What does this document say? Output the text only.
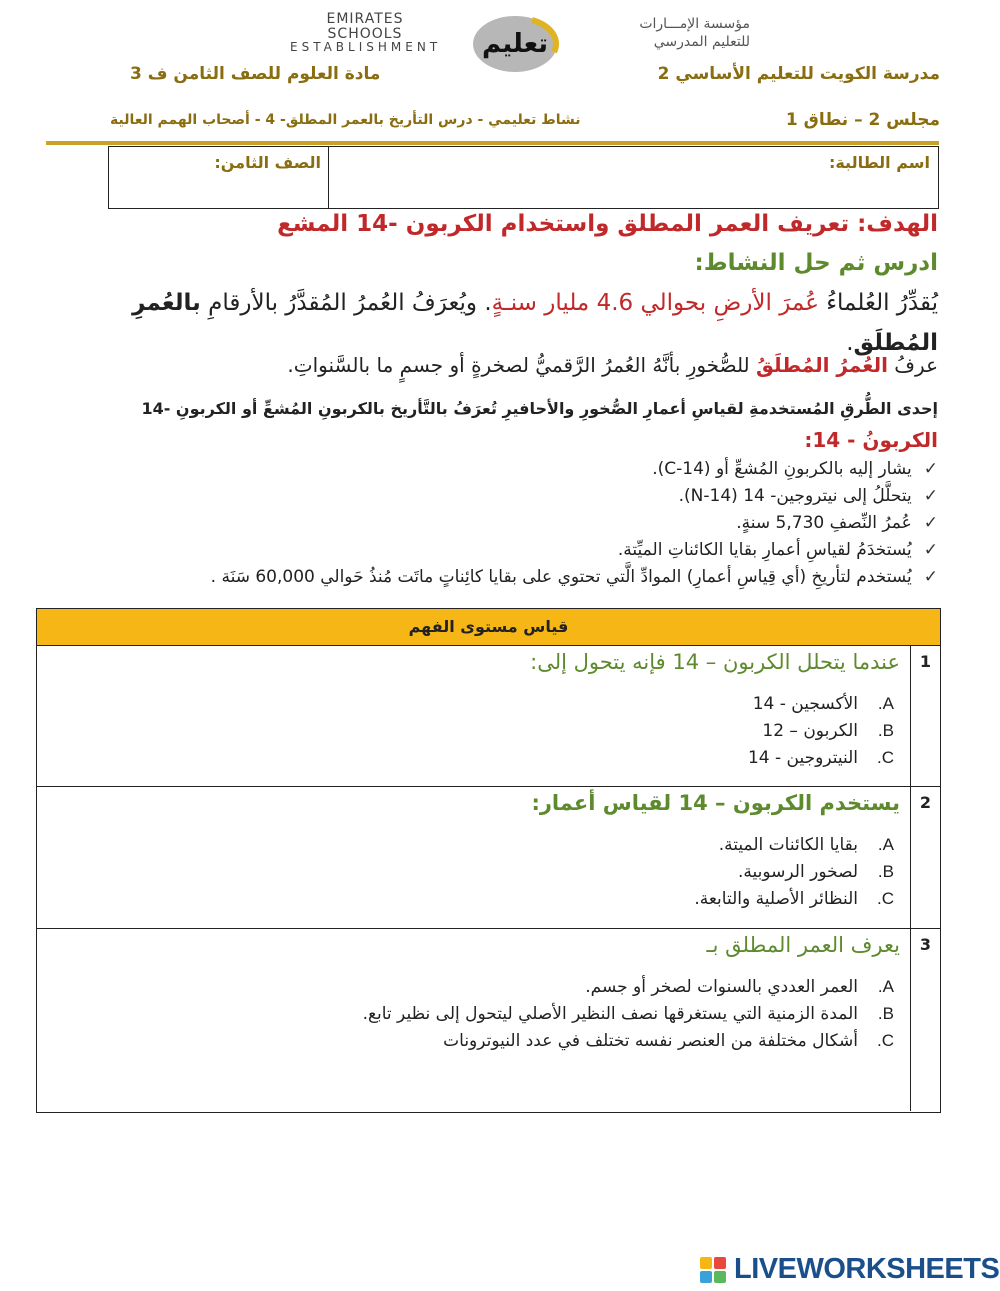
EMIRATES SCHOOLS
ESTABLISHMENT تعليم
مؤسسة الإمـــارات
للتعليم المدرسي
مدرسة الكويت للتعليم الأساسي 2
مادة العلوم للصف الثامن ف 3
مجلس 2 – نطاق 1
نشاط تعليمي - درس التأريخ بالعمر المطلق- 4 - أصحاب الهمم العالية
اسم الطالبة:
الصف الثامن:
الهدف: تعريف العمر المطلق واستخدام الكربون -14 المشع
ادرس ثم حل النشاط:
يُقدِّرُ العُلماءُ عُمرَ الأرضِ بحوالي 4.6 مليار سنـةٍ. ويُعرَفُ العُمرُ المُقدَّرُ بالأرقامِ بالعُمرِ المُطلَق.
عرفُ العُمرُ المُطلَقُ للصُّخورِ بأنَّهُ العُمرُ الرَّقميُّ لصخرةٍ أو جسمٍ ما بالسَّنواتِ.
إحدى الطُّرقِ المُستخدمةِ لقياسِ أعمارِ الصُّخورِ والأحافيرِ تُعرَفُ بالتَّأريخ بالكربونِ المُشعِّ أو الكربونِ -14
الكربونُ - 14:
✓يشار إليه بالكربونِ المُشعِّ أو (C-14).
✓يتحلَّلُ إلى نيتروجين- 14 (N-14).
✓عُمرُ النِّصفِ 5,730 سنةٍ.
✓يُستخدَمُ لقياسِ أعمارِ بقايا الكائناتِ الميِّتة.
✓يُستخدم لتأريخِ (أي قِياسِ أعمارِ) الموادِّ الَّتي تحتوي على بقايا كائِناتٍ ماتَت مُنذُ حَوالي 60,000 سَنَة .
قياس مستوى الفهم
1
عندما يتحلل الكربون – 14 فإنه يتحول إلى:
A.الأكسجين - 14
B.الكربون – 12
C.النيتروجين - 14
2
يستخدم الكربون – 14 لقياس أعمار:
A.بقايا الكائنات الميتة.
B.لصخور الرسوبية.
C.النظائر الأصلية والتابعة.
3
يعرف العمر المطلق بـ
A.العمر العددي بالسنوات لصخر أو جسم.
B.المدة الزمنية التي يستغرقها نصف النظير الأصلي ليتحول إلى نظير تابع.
C.أشكال مختلفة من العنصر نفسه تختلف في عدد النيوترونات
LIVEWORKSHEETS
